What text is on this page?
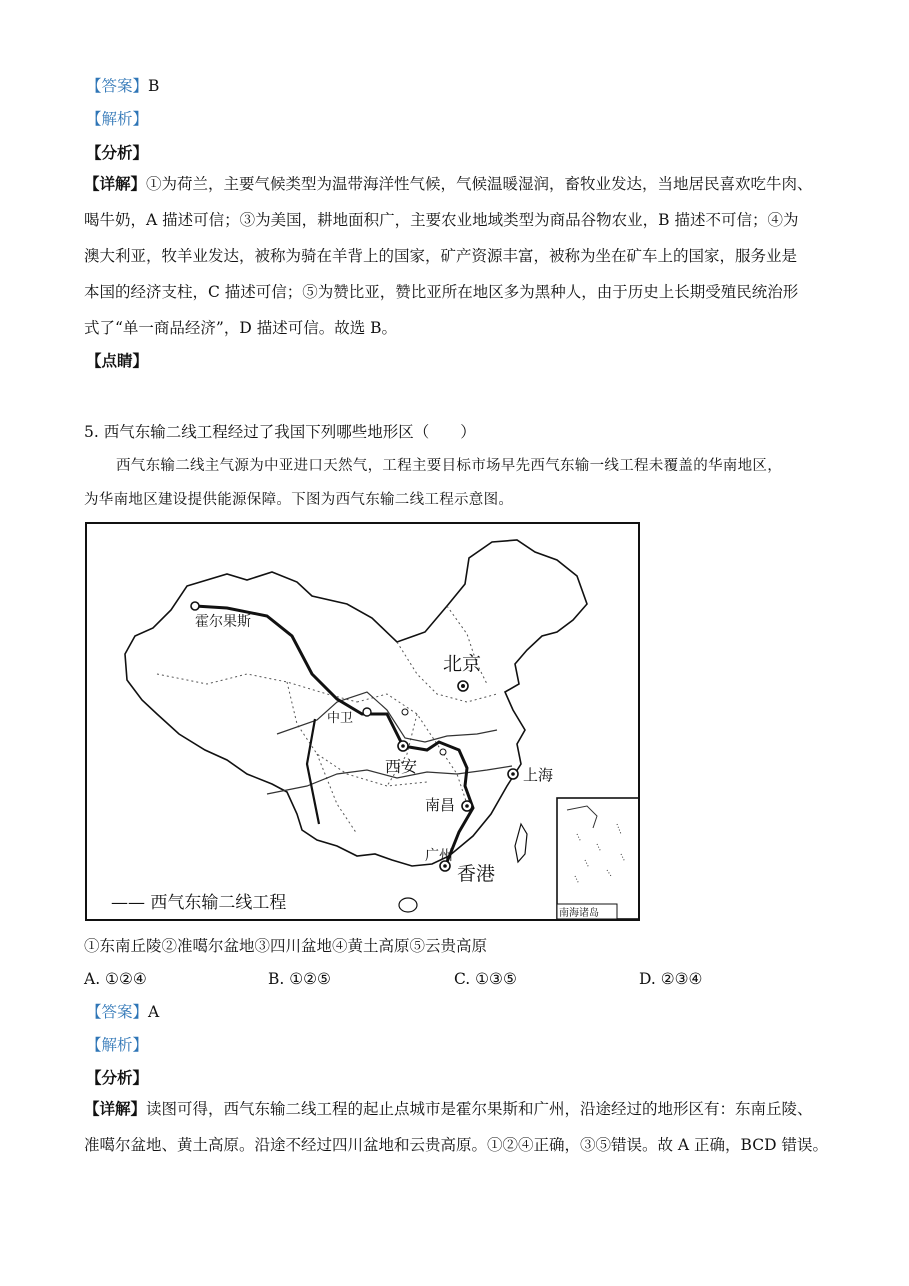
【答案】B
【解析】
【分析】
【详解】①为荷兰，主要气候类型为温带海洋性气候，气候温暖湿润，畜牧业发达，当地居民喜欢吃牛肉、
喝牛奶，A 描述可信；③为美国，耕地面积广，主要农业地域类型为商品谷物农业，B 描述不可信；④为
澳大利亚，牧羊业发达，被称为骑在羊背上的国家，矿产资源丰富，被称为坐在矿车上的国家，服务业是
本国的经济支柱，C 描述可信；⑤为赞比亚，赞比亚所在地区多为黑种人，由于历史上长期受殖民统治形
式了“单一商品经济”，D 描述可信。故选 B。
【点睛】
5. 西气东输二线工程经过了我国下列哪些地形区（　　）
西气东输二线主气源为中亚进口天然气，工程主要目标市场早先西气东输一线工程未覆盖的华南地区，
为华南地区建设提供能源保障。下图为西气东输二线工程示意图。
霍尔果斯
中卫
北京
西安	上海
南昌
广州
香港
南海诸岛
—— 西气东输二线工程
①东南丘陵②准噶尔盆地③四川盆地④黄土高原⑤云贵高原
A. ①②④	B. ①②⑤	C. ①③⑤	D. ②③④
【答案】A
【解析】
【分析】
【详解】读图可得，西气东输二线工程的起止点城市是霍尔果斯和广州，沿途经过的地形区有：东南丘陵、
准噶尔盆地、黄土高原。沿途不经过四川盆地和云贵高原。①②④正确，③⑤错误。故 A 正确，BCD 错误。
